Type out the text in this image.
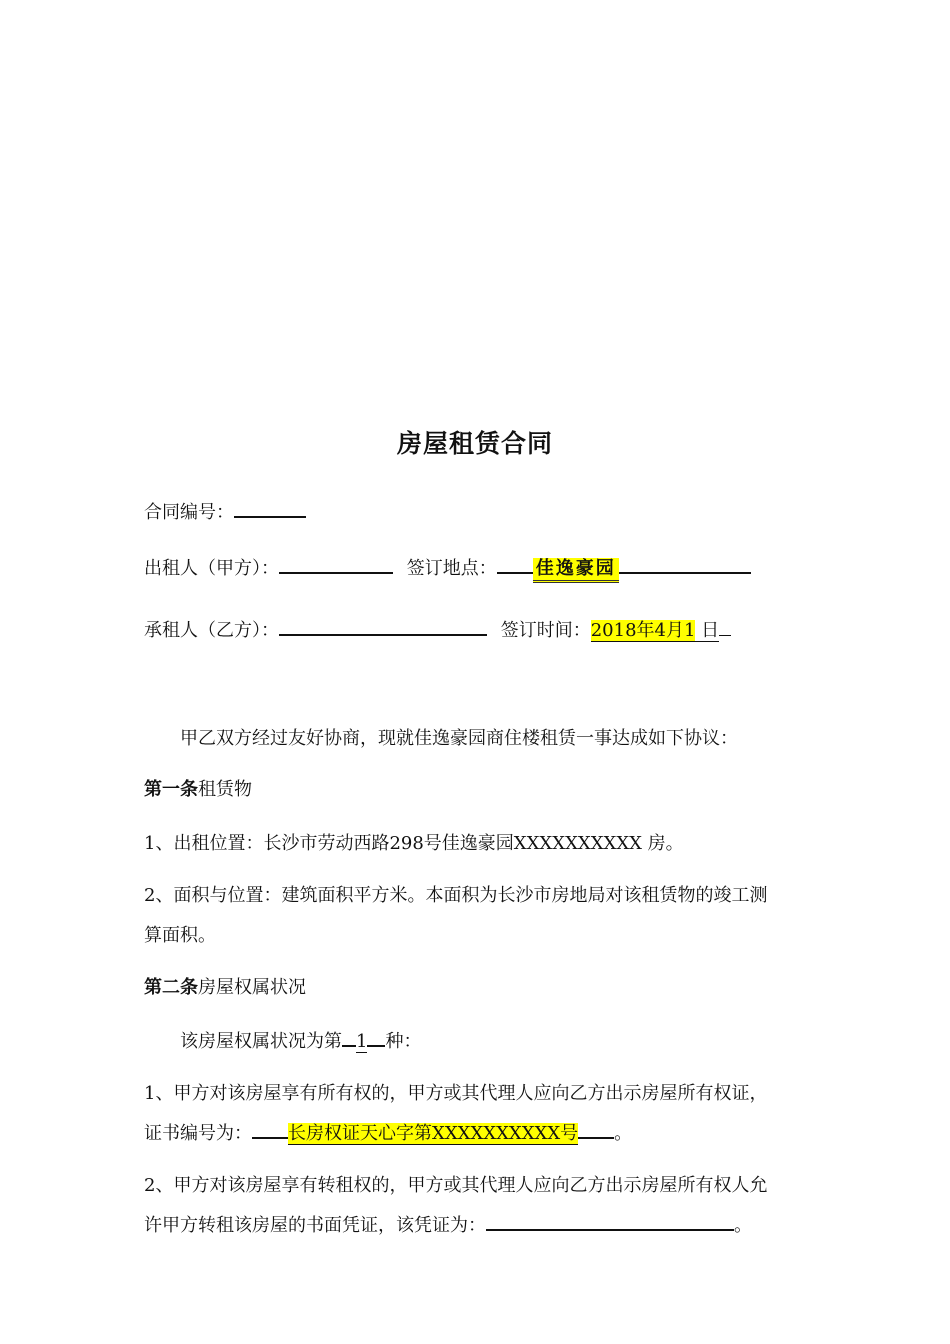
房屋租赁合同

合同编号：

出租人（甲方）：	签订地点： 佳逸豪园

承租人（乙方）：	签订时间：2018年4月1 日

甲乙双方经过友好协商，现就佳逸豪园商住楼租赁一事达成如下协议：

第一条租赁物

1、出租位置：长沙市劳动西路298号佳逸豪园XXXXXXXXXX 房。

2、面积与位置：建筑面积平方米。本面积为长沙市房地局对该租赁物的竣工测

算面积。

第二条房屋权属状况

该房屋权属状况为第 1 种：

1、甲方对该房屋享有所有权的，甲方或其代理人应向乙方出示房屋所有权证，

证书编号为： 长房权证天心字第XXXXXXXXXX号 。

2、甲方对该房屋享有转租权的，甲方或其代理人应向乙方出示房屋所有权人允

许甲方转租该房屋的书面凭证，该凭证为：	。
